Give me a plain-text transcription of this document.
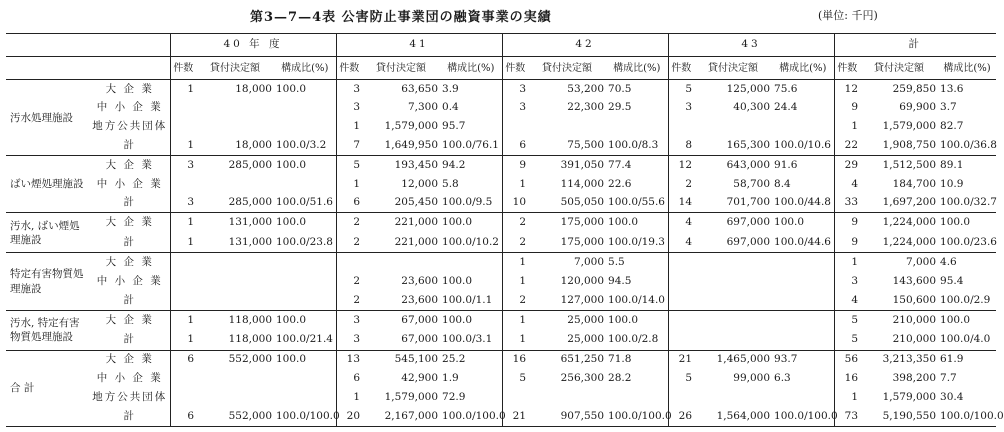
第3—7—4表 公害防止事業団の融資事業の実績	(単位: 千円)
		40 年 度			41			42			43			計		
		件数	貸付決定額	構成比(%)	件数	貸付決定額	構成比(%)	件数	貸付決定額	構成比(%)	件数	貸付決定額	構成比(%)	件数	貸付決定額	構成比(%)
汚水処理施設	大 企 業	1	18,000	100.0	3	63,650	3.9	3	53,200	70.5	5	125,000	75.6	12	259,850	13.6
	中 小 企 業				3	7,300	0.4	3	22,300	29.5	3	40,300	24.4	9	69,900	3.7
	地方公共団体				1	1,579,000	95.7							1	1,579,000	82.7
	計	1	18,000	100.0/3.2	7	1,649,950	100.0/76.1	6	75,500	100.0/8.3	8	165,300	100.0/10.6	22	1,908,750	100.0/36.8
ばい煙処理施設	大 企 業	3	285,000	100.0	5	193,450	94.2	9	391,050	77.4	12	643,000	91.6	29	1,512,500	89.1
	中 小 企 業				1	12,000	5.8	1	114,000	22.6	2	58,700	8.4	4	184,700	10.9
	計	3	285,000	100.0/51.6	6	205,450	100.0/9.5	10	505,050	100.0/55.6	14	701,700	100.0/44.8	33	1,697,200	100.0/32.7
汚水, ばい煙処理施設	大 企 業	1	131,000	100.0	2	221,000	100.0	2	175,000	100.0	4	697,000	100.0	9	1,224,000	100.0
	計	1	131,000	100.0/23.8	2	221,000	100.0/10.2	2	175,000	100.0/19.3	4	697,000	100.0/44.6	9	1,224,000	100.0/23.6
特定有害物質処理施設	大 企 業							1	7,000	5.5				1	7,000	4.6
	中 小 企 業				2	23,600	100.0	1	120,000	94.5				3	143,600	95.4
	計				2	23,600	100.0/1.1	2	127,000	100.0/14.0				4	150,600	100.0/2.9
汚水, 特定有害物質処理施設	大 企 業	1	118,000	100.0	3	67,000	100.0	1	25,000	100.0				5	210,000	100.0
	計	1	118,000	100.0/21.4	3	67,000	100.0/3.1	1	25,000	100.0/2.8				5	210,000	100.0/4.0
合 計	大 企 業	6	552,000	100.0	13	545,100	25.2	16	651,250	71.8	21	1,465,000	93.7	56	3,213,350	61.9
	中 小 企 業				6	42,900	1.9	5	256,300	28.2	5	99,000	6.3	16	398,200	7.7
	地方公共団体				1	1,579,000	72.9							1	1,579,000	30.4
	計	6	552,000	100.0/100.0	20	2,167,000	100.0/100.0	21	907,550	100.0/100.0	26	1,564,000	100.0/100.0	73	5,190,550	100.0/100.0
